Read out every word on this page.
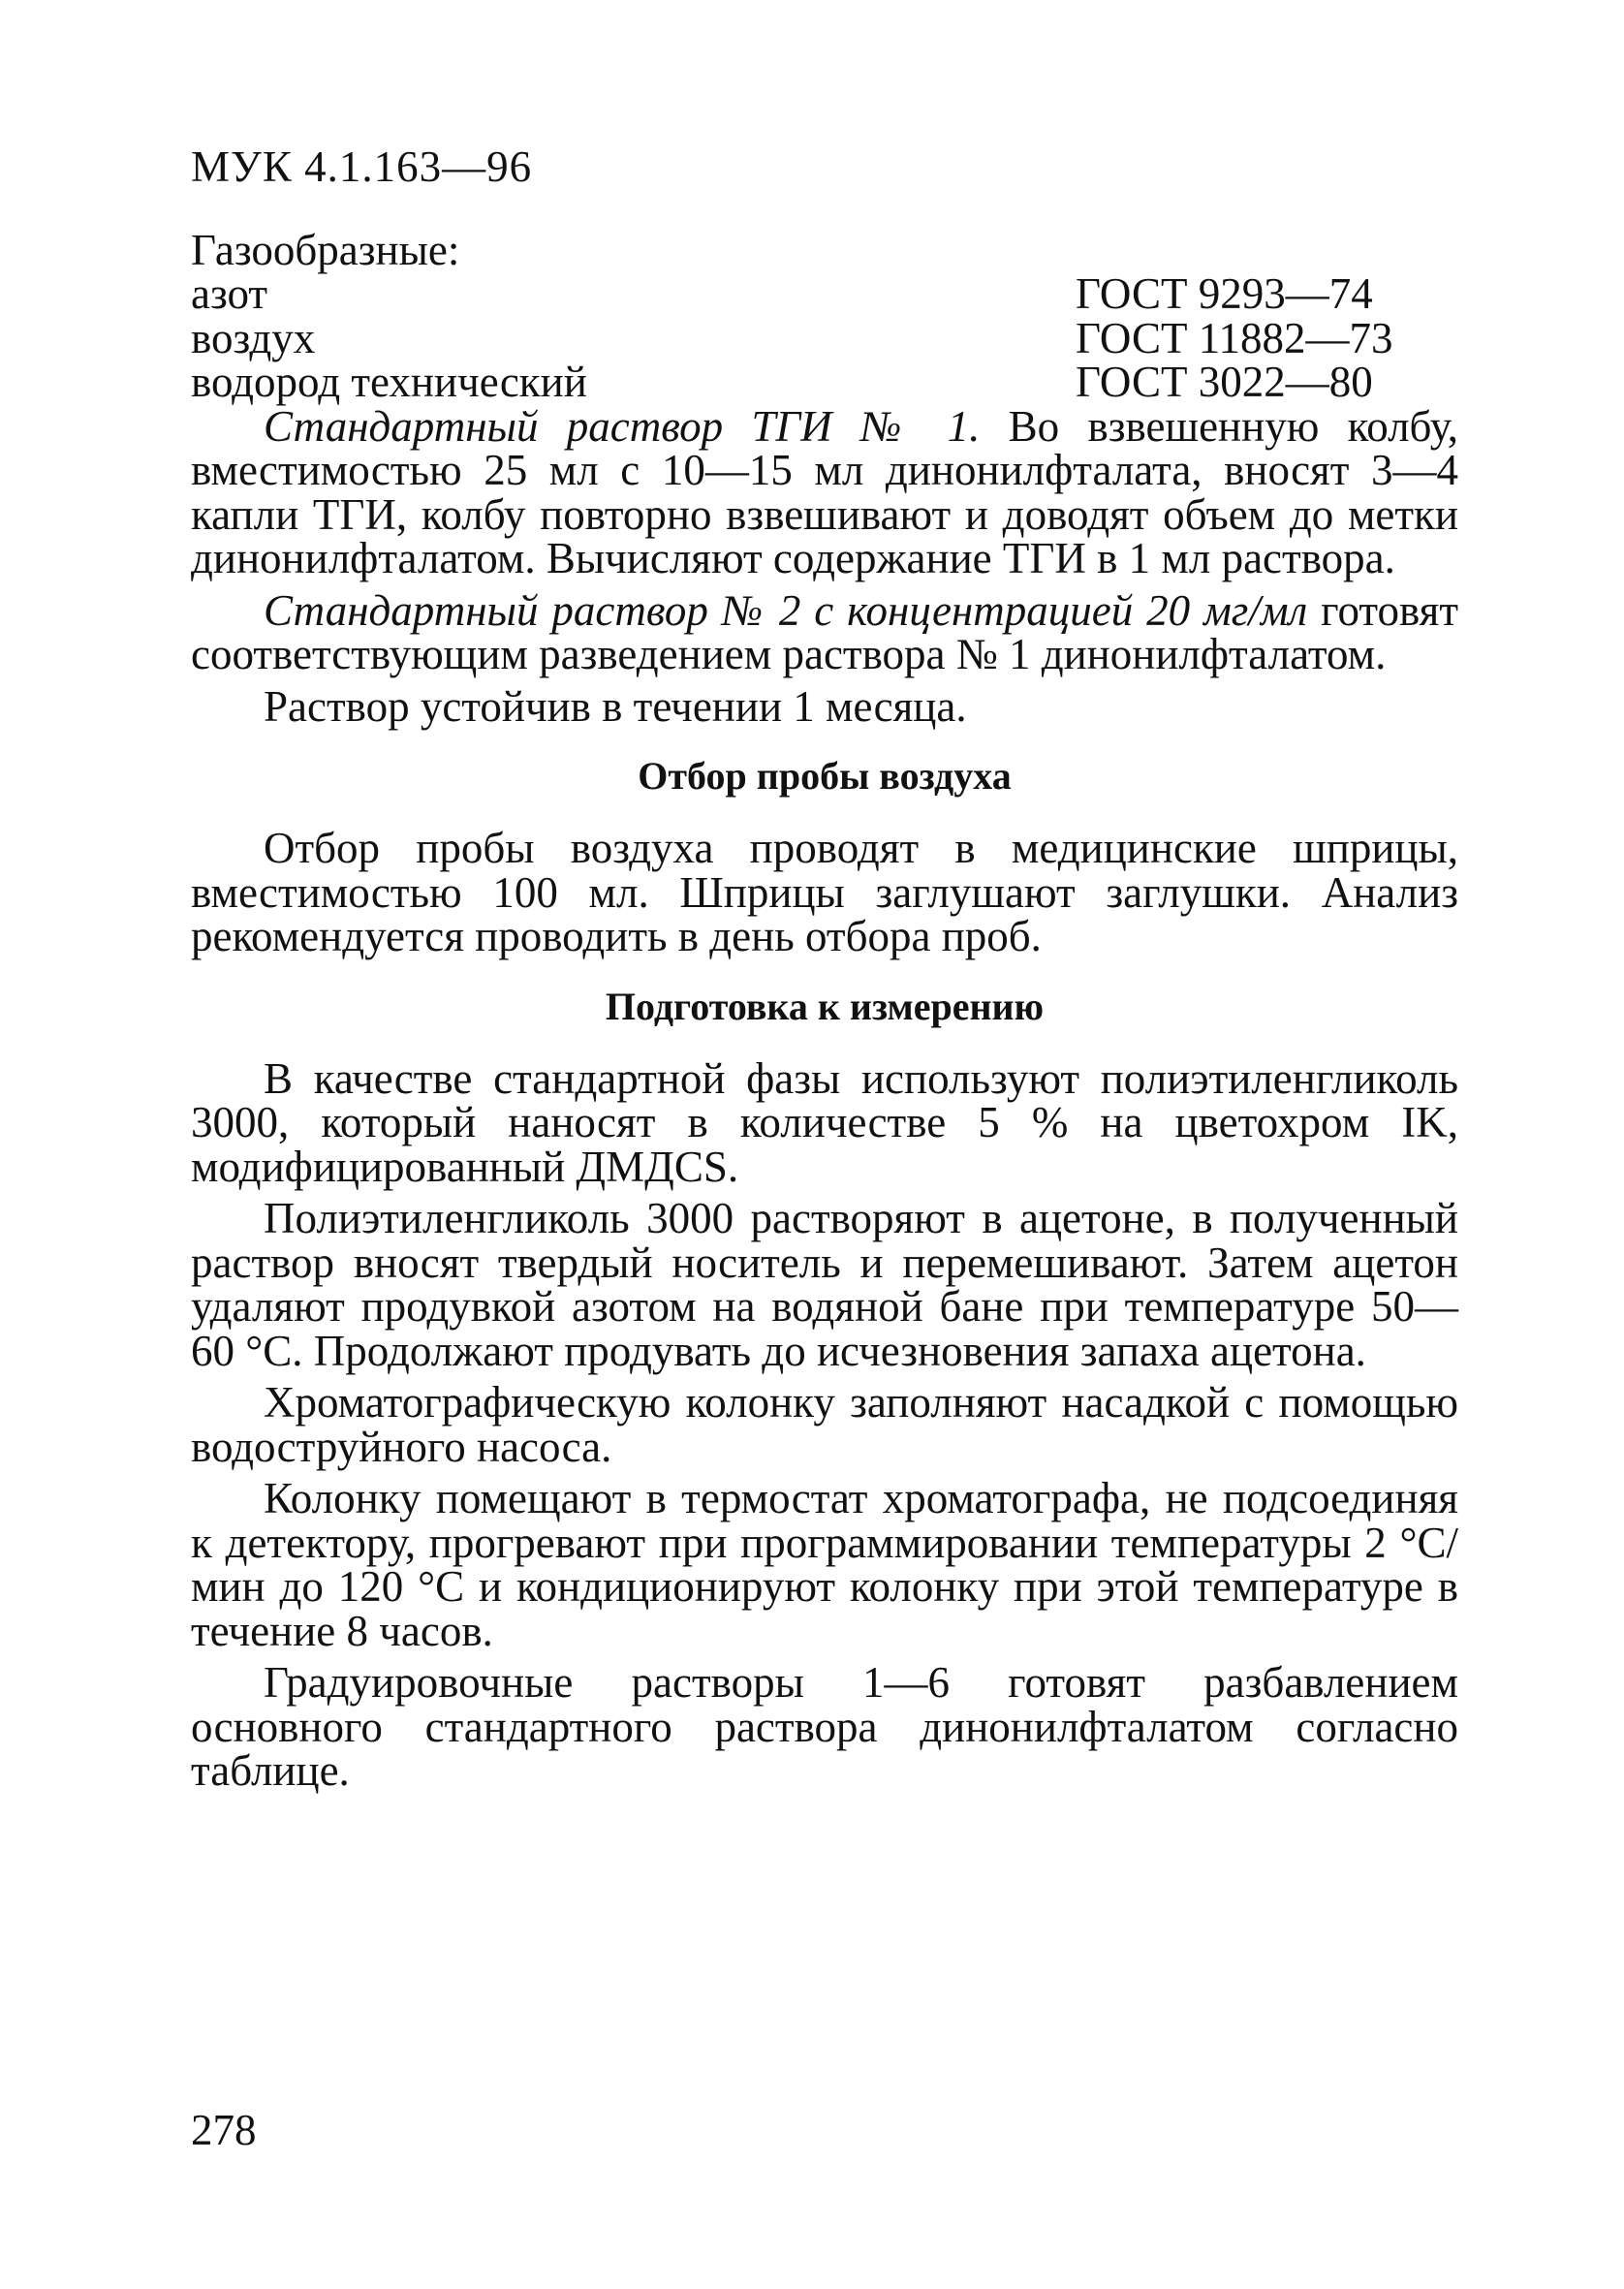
МУК 4.1.163—96
Газообразные:
азот	ГОСТ 9293—74
воздух	ГОСТ 11882—73
водород технический	ГОСТ 3022—80

Стандартный раствор ТГИ № 1. Во взвешенную колбу, вместимостью 25 мл с 10—15 мл динонилфталата, вносят 3—4 капли ТГИ, колбу повторно взвешивают и доводят объем до метки динонилфталатом. Вычисляют содержание ТГИ в 1 мл раствора.

Стандартный раствор № 2 с концентрацией 20 мг/мл готовят соответствующим разведением раствора № 1 динонилфталатом.

Раствор устойчив в течении 1 месяца.

Отбор пробы воздуха

Отбор пробы воздуха проводят в медицинские шприцы, вместимостью 100 мл. Шприцы заглушают заглушки. Анализ рекомендуется проводить в день отбора проб.

Подготовка к измерению

В качестве стандартной фазы используют полиэтиленгликоль 3000, который наносят в количестве 5 % на цветохром IK, модифицированный ДМДCS.

Полиэтиленгликоль 3000 растворяют в ацетоне, в полученный раствор вносят твердый носитель и перемешивают. Затем ацетон удаляют продувкой азотом на водяной бане при температуре 50—60 °С. Продолжают продувать до исчезновения запаха ацетона.

Хроматографическую колонку заполняют насадкой с помощью водоструйного насоса.

Колонку помещают в термостат хроматографа, не подсоединяя к детектору, прогревают при программировании температуры 2 °С/мин до 120 °С и кондиционируют колонку при этой температуре в течение 8 часов.

Градуировочные растворы 1—6 готовят разбавлением основного стандартного раствора динонилфталатом согласно таблице.

278
